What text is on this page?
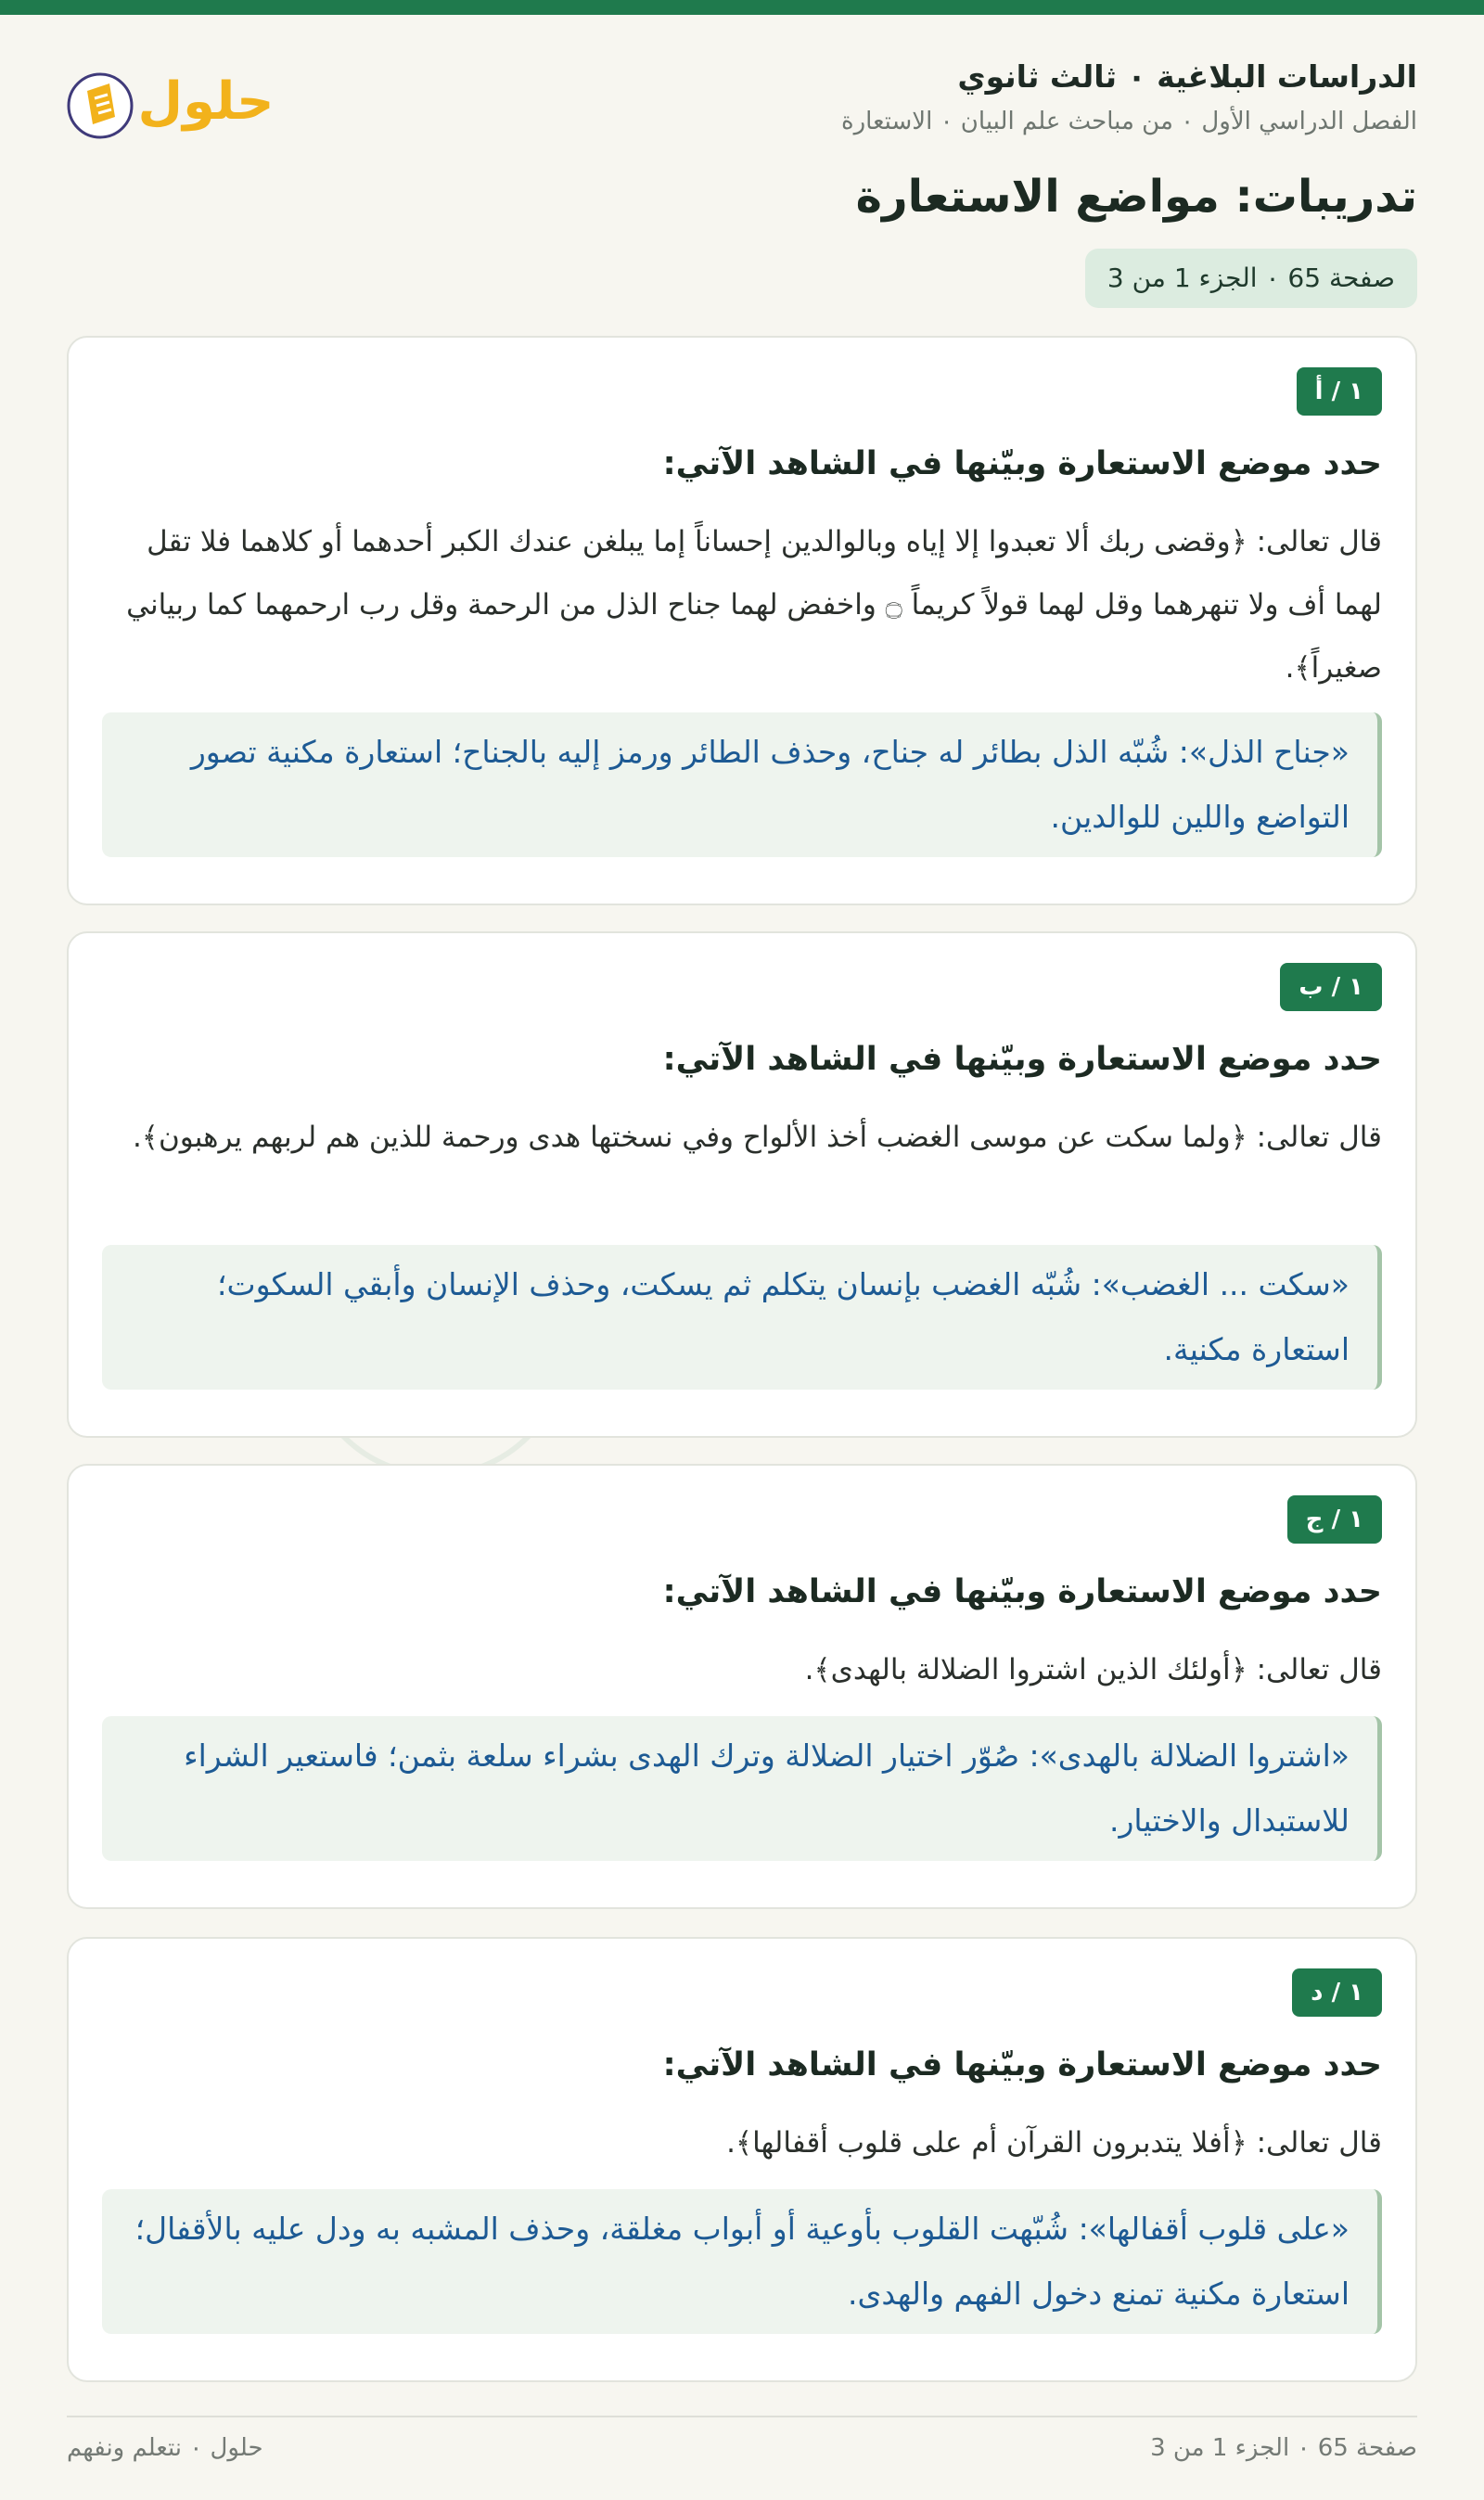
الدراسات البلاغية ٠ ثالث ثانوي
الفصل الدراسي الأول ٠ من مباحث علم البيان ٠ الاستعارة
حلول
تدريبات: مواضع الاستعارة
صفحة 65 ٠ الجزء 1 من 3
١ / أ
حدد موضع الاستعارة وبيّنها في الشاهد الآتي:
قال تعالى: ﴿وقضى ربك ألا تعبدوا إلا إياه وبالوالدين إحساناً إما يبلغن عندك الكبر أحدهما أو كلاهما فلا تقل لهما أف ولا تنهرهما وقل لهما قولاً كريماً ۝ واخفض لهما جناح الذل من الرحمة وقل رب ارحمهما كما ربياني صغيراً﴾.
«جناح الذل»: شُبّه الذل بطائر له جناح، وحذف الطائر ورمز إليه بالجناح؛ استعارة مكنية تصور التواضع واللين للوالدين.
١ / ب
حدد موضع الاستعارة وبيّنها في الشاهد الآتي:
قال تعالى: ﴿ولما سكت عن موسى الغضب أخذ الألواح وفي نسختها هدى ورحمة للذين هم لربهم يرهبون﴾.
«سكت ... الغضب»: شُبّه الغضب بإنسان يتكلم ثم يسكت، وحذف الإنسان وأبقي السكوت؛ استعارة مكنية.
١ / ج
حدد موضع الاستعارة وبيّنها في الشاهد الآتي:
قال تعالى: ﴿أولئك الذين اشتروا الضلالة بالهدى﴾.
«اشتروا الضلالة بالهدى»: صُوّر اختيار الضلالة وترك الهدى بشراء سلعة بثمن؛ فاستعير الشراء للاستبدال والاختيار.
١ / د
حدد موضع الاستعارة وبيّنها في الشاهد الآتي:
قال تعالى: ﴿أفلا يتدبرون القرآن أم على قلوب أقفالها﴾.
«على قلوب أقفالها»: شُبّهت القلوب بأوعية أو أبواب مغلقة، وحذف المشبه به ودل عليه بالأقفال؛ استعارة مكنية تمنع دخول الفهم والهدى.
حلول ٠ نتعلم ونفهم	صفحة 65 ٠ الجزء 1 من 3
